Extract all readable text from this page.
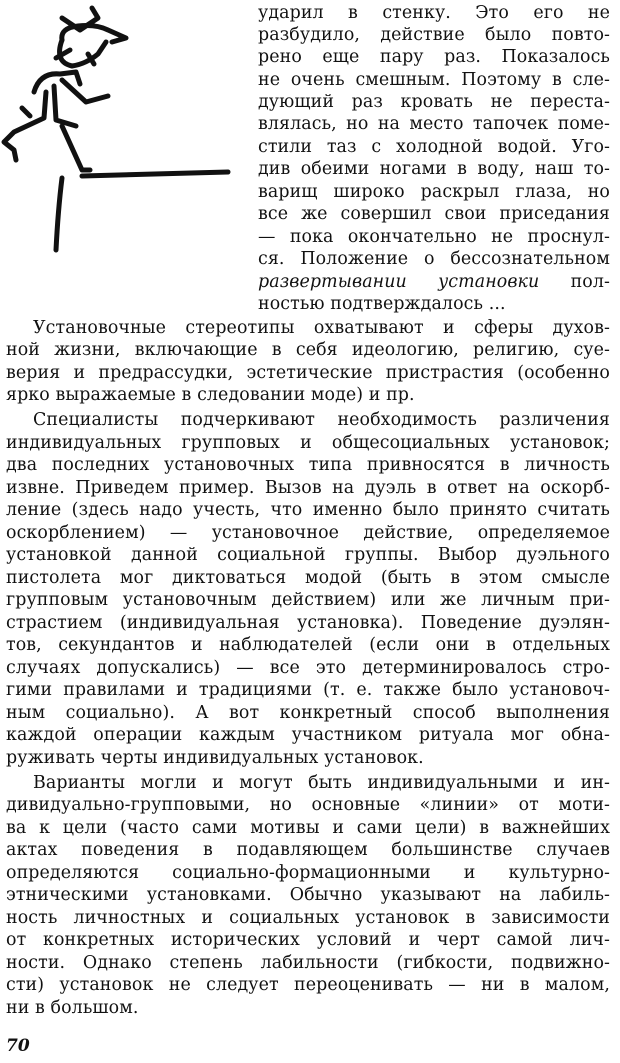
ударил в стенку. Это его не
разбудило, действие было повто-
рено еще пару раз. Показалось
не очень смешным. Поэтому в сле-
дующий раз кровать не переста-
влялась, но на место тапочек поме-
стили таз с холодной водой. Уго-
див обеими ногами в воду, наш то-
варищ широко раскрыл глаза, но
все же совершил свои приседания
— пока окончательно не проснул-
ся. Положение о бессознательном
развертывании установки пол-
ностью подтверждалось ...
Установочные стереотипы охватывают и сферы духов-
ной жизни, включающие в себя идеологию, религию, суе-
верия и предрассудки, эстетические пристрастия (особенно
ярко выражаемые в следовании моде) и пр.
Специалисты подчеркивают необходимость различения
индивидуальных групповых и общесоциальных установок;
два последних установочных типа привносятся в личность
извне. Приведем пример. Вызов на дуэль в ответ на оскорб-
ление (здесь надо учесть, что именно было принято считать
оскорблением) — установочное действие, определяемое
установкой данной социальной группы. Выбор дуэльного
пистолета мог диктоваться модой (быть в этом смысле
групповым установочным действием) или же личным при-
страстием (индивидуальная установка). Поведение дуэлян-
тов, секундантов и наблюдателей (если они в отдельных
случаях допускались) — все это детерминировалось стро-
гими правилами и традициями (т. е. также было установоч-
ным социально). А вот конкретный способ выполнения
каждой операции каждым участником ритуала мог обна-
руживать черты индивидуальных установок.
Варианты могли и могут быть индивидуальными и ин-
дивидуально-групповыми, но основные «линии» от моти-
ва к цели (часто сами мотивы и сами цели) в важнейших
актах поведения в подавляющем большинстве случаев
определяются социально-формационными и культурно-
этническими установками. Обычно указывают на лабиль-
ность личностных и социальных установок в зависимости
от конкретных исторических условий и черт самой лич-
ности. Однако степень лабильности (гибкости, подвижно-
сти) установок не следует переоценивать — ни в малом,
ни в большом.
70
